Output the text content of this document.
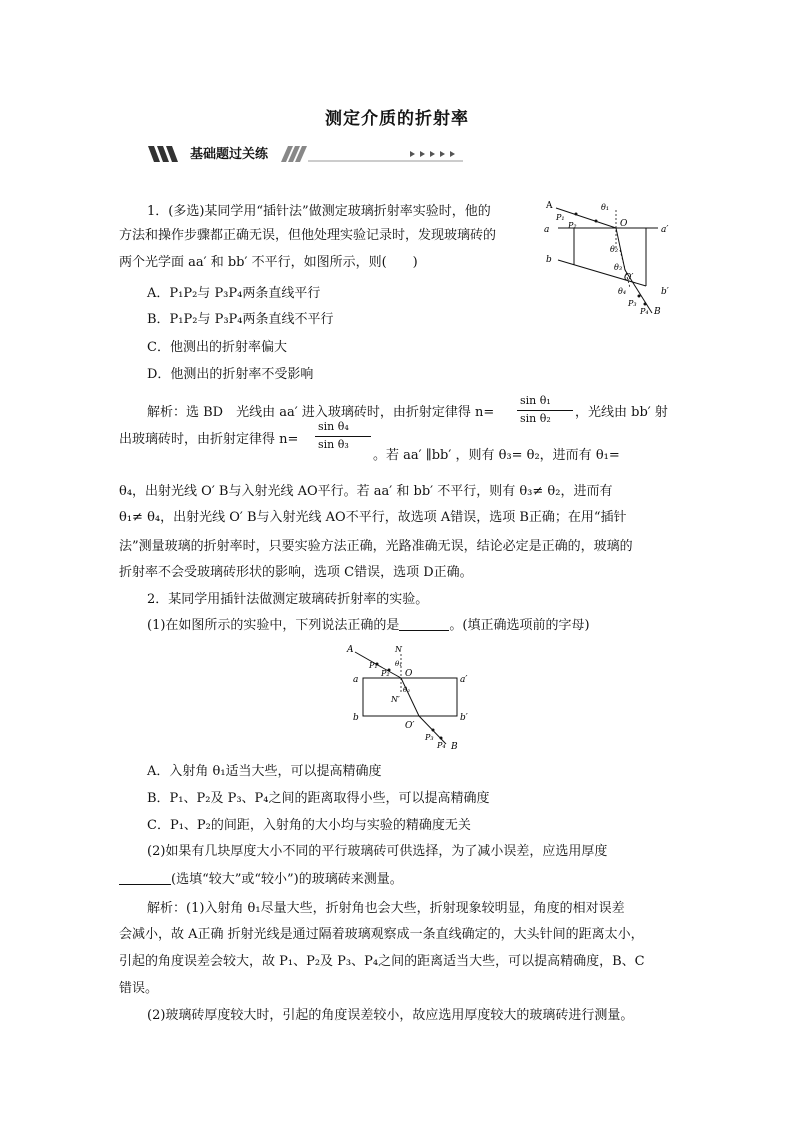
测定介质的折射率
基础题过关练
1．(多选)某同学用“插针法”做测定玻璃折射率实验时，他的
方法和操作步骤都正确无误，但他处理实验记录时，发现玻璃砖的
两个光学面 aa′ 和 bb′ 不平行，如图所示，则(　　)
A．P₁P₂与 P₃P₄两条直线平行
B．P₁P₂与 P₃P₄两条直线不平行
C．他测出的折射率偏大
D．他测出的折射率不受影响
A
P₁
P₂
θ₁
O
a	a′
θ₂
b
θ₃
O′
θ₄
P₃
P₄ B
b′
解析：选 BD　光线由 aa′ 进入玻璃砖时，由折射定律得 n=
sin θ₁
sin θ₂ ，光线由 bb′ 射
出玻璃砖时，由折射定律得 n=
sin θ₄
sin θ₃
。若 aa′ ∥bb′ ，则有 θ₃= θ₂，进而有 θ₁=
θ₄，出射光线 O′ B与入射光线 AO平行。若 aa′ 和 bb′ 不平行，则有 θ₃≠ θ₂，进而有
θ₁≠ θ₄，出射光线 O′ B与入射光线 AO不平行，故选项 A错误，选项 B正确；在用“插针
法”测量玻璃的折射率时，只要实验方法正确，光路准确无误，结论必定是正确的，玻璃的
折射率不会受玻璃砖形状的影响，选项 C错误，选项 D正确。
2．某同学用插针法做测定玻璃砖折射率的实验。
(1)在如图所示的实验中，下列说法正确的是	。(填正确选项前的字母)
A	N
P₁ θ₁
P₂ O
a	a′
θ₂
N′
b	b′
O′
P₃
P₄ B
A．入射角 θ₁适当大些，可以提高精确度
B．P₁、P₂及 P₃、P₄之间的距离取得小些，可以提高精确度
C．P₁、P₂的间距，入射角的大小均与实验的精确度无关
(2)如果有几块厚度大小不同的平行玻璃砖可供选择，为了减小误差，应选用厚度
(选填“较大”或“较小”)的玻璃砖来测量。
解析：(1)入射角 θ₁尽量大些，折射角也会大些，折射现象较明显，角度的相对误差
会减小，故 A正确 折射光线是通过隔着玻璃观察成一条直线确定的，大头针间的距离太小，
引起的角度误差会较大，故 P₁、P₂及 P₃、P₄之间的距离适当大些，可以提高精确度，B、C
错误。
(2)玻璃砖厚度较大时，引起的角度误差较小，故应选用厚度较大的玻璃砖进行测量。
